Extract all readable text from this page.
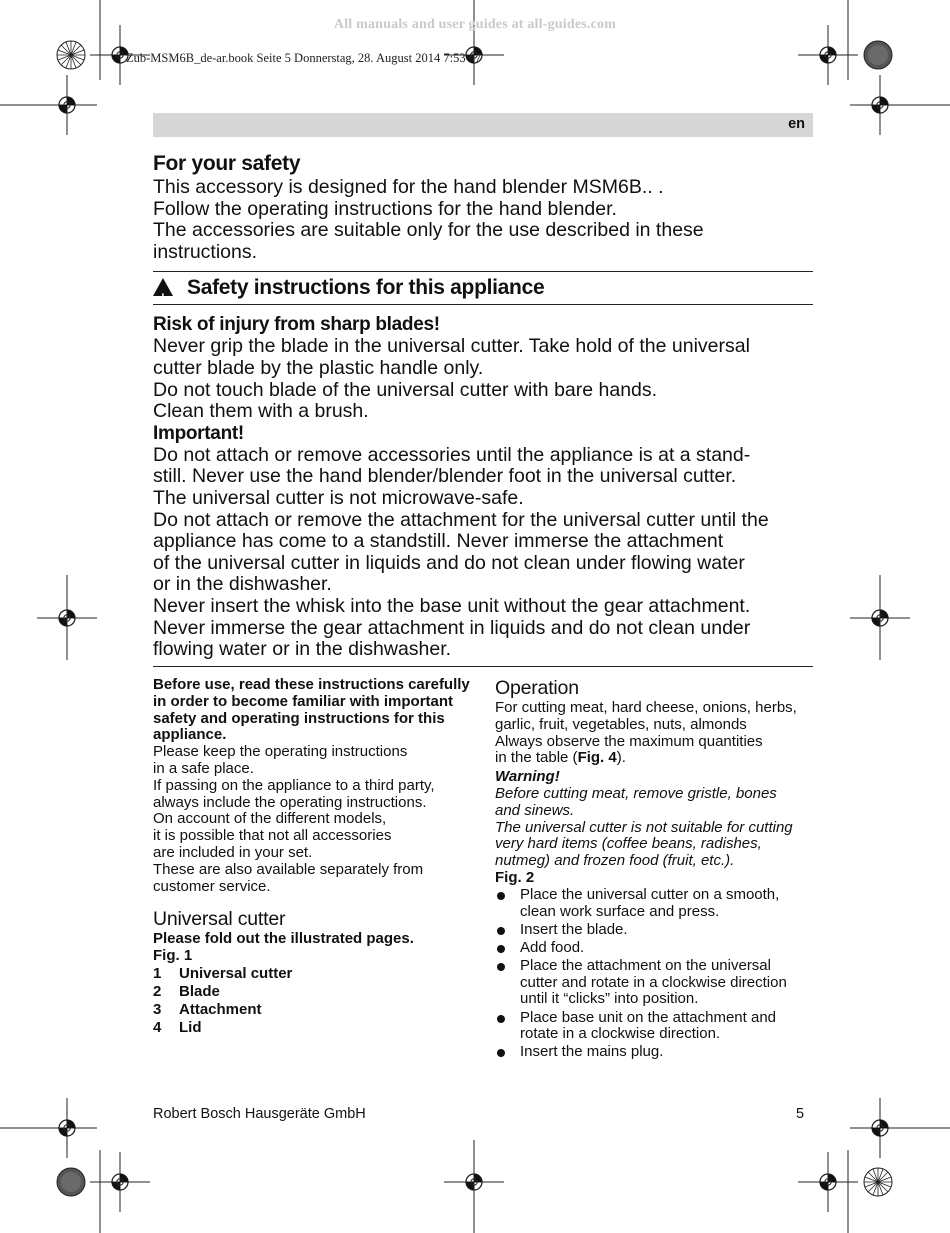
All manuals and user guides at all-guides.com
Zub-MSM6B_de-ar.book Seite 5 Donnerstag, 28. August 2014 7:53 07
en
For your safety

This accessory is designed for the hand blender MSM6B.. .

Follow the operating instructions for the hand blender.

The accessories are suitable only for the use described in these

instructions.

!
Safety instructions for this appliance
Risk of injury from sharp blades!

Never grip the blade in the universal cutter. Take hold of the universal

cutter blade by the plastic handle only.

Do not touch blade of the universal cutter with bare hands.

Clean them with a brush.

Important!

Do not attach or remove accessories until the appliance is at a stand-

still. Never use the hand blender/blender foot in the universal cutter.

The universal cutter is not microwave-safe.

Do not attach or remove the attachment for the universal cutter until the

appliance has come to a standstill. Never immerse the attachment

of the universal cutter in liquids and do not clean under flowing water

or in the dishwasher.

Never insert the whisk into the base unit without the gear attachment.

Never immerse the gear attachment in liquids and do not clean under

flowing water or in the dishwasher.

Before use, read these instructions carefully

in order to become familiar with important

safety and operating instructions for this

appliance.

Please keep the operating instructions

in a safe place.

If passing on the appliance to a third party,

always include the operating instructions.

On account of the different models,

it is possible that not all accessories

are included in your set.

These are also available separately from

customer service.

Universal cutter

Please fold out the illustrated pages.

Fig. 1

1 Universal cutter
2 Blade
3 Attachment
4 Lid
Operation

For cutting meat, hard cheese, onions, herbs,

garlic, fruit, vegetables, nuts, almonds

Always observe the maximum quantities

in the table (Fig. 4).

Warning!

Before cutting meat, remove gristle, bones

and sinews.

The universal cutter is not suitable for cutting

very hard items (coffee beans, radishes,

nutmeg) and frozen food (fruit, etc.).

Fig. 2

Place the universal cutter on a smooth,
clean work surface and press.
Insert the blade.
Add food.
Place the attachment on the universal
cutter and rotate in a clockwise direction
until it “clicks” into position.
Place base unit on the attachment and
rotate in a clockwise direction.
Insert the mains plug.
Robert Bosch Hausgeräte GmbH	5
